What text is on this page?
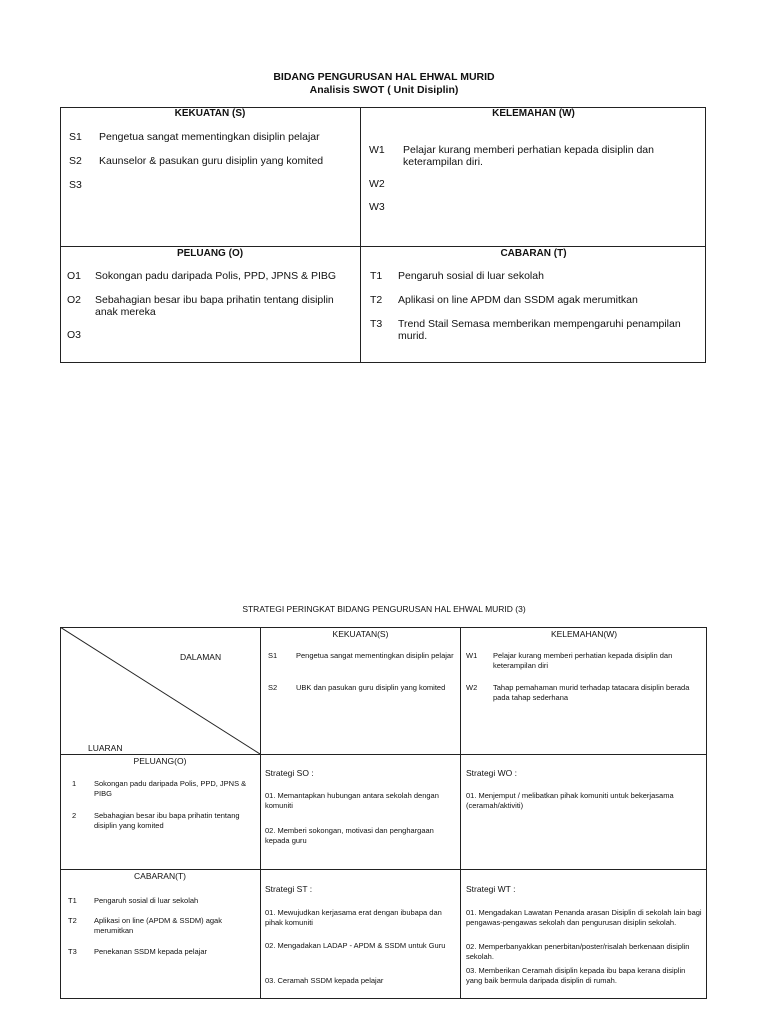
BIDANG PENGURUSAN HAL EHWAL MURID
Analisis SWOT ( Unit Disiplin)
KEKUATAN (S)
S1 Pengetua sangat mementingkan disiplin pelajar
S2 Kaunselor & pasukan guru disiplin yang komited
S3
KELEMAHAN (W)
W1 Pelajar kurang memberi perhatian kepada disiplin dan keterampilan diri.
W2
W3
PELUANG (O)
O1 Sokongan padu daripada Polis, PPD, JPNS & PIBG
O2 Sebahagian besar ibu bapa prihatin tentang disiplin anak mereka
O3
CABARAN (T)
T1 Pengaruh sosial di luar sekolah
T2 Aplikasi on line APDM dan SSDM agak merumitkan
T3 Trend Stail Semasa memberikan mempengaruhi penampilan murid.
STRATEGI PERINGKAT BIDANG PENGURUSAN HAL EHWAL MURID (3)
DALAMAN
LUARAN
KEKUATAN(S)
S1	Pengetua sangat mementingkan disiplin pelajar
S2	UBK dan pasukan guru disiplin yang komited
KELEMAHAN(W)
W1 Pelajar kurang memberi perhatian kepada disiplin dan keterampilan diri
W2 Tahap pemahaman murid terhadap tatacara disiplin berada pada tahap sederhana
PELUANG(O)
1 Sokongan padu daripada Polis, PPD, JPNS & PIBG
2 Sebahagian besar ibu bapa prihatin tentang disiplin yang komited
Strategi SO :
01. Memantapkan hubungan antara sekolah dengan komuniti
02. Memberi sokongan, motivasi dan penghargaan kepada guru
Strategi WO :
01. Menjemput / melibatkan pihak komuniti untuk bekerjasama (ceramah/aktiviti)
CABARAN(T)
T1 Pengaruh sosial di luar sekolah
T2 Aplikasi on line (APDM & SSDM) agak merumitkan
T3 Penekanan SSDM kepada pelajar
Strategi ST :
01. Mewujudkan kerjasama erat dengan ibubapa dan pihak komuniti
02. Mengadakan LADAP - APDM & SSDM untuk Guru
03. Ceramah SSDM kepada pelajar
Strategi WT :
01. Mengadakan Lawatan Penanda arasan Disiplin di sekolah lain bagi pengawas-pengawas sekolah dan pengurusan disiplin sekolah.
02. Memperbanyakkan penerbitan/poster/risalah berkenaan disiplin sekolah.
03. Memberikan Ceramah disiplin kepada ibu bapa kerana disiplin yang baik bermula daripada disiplin di rumah.
